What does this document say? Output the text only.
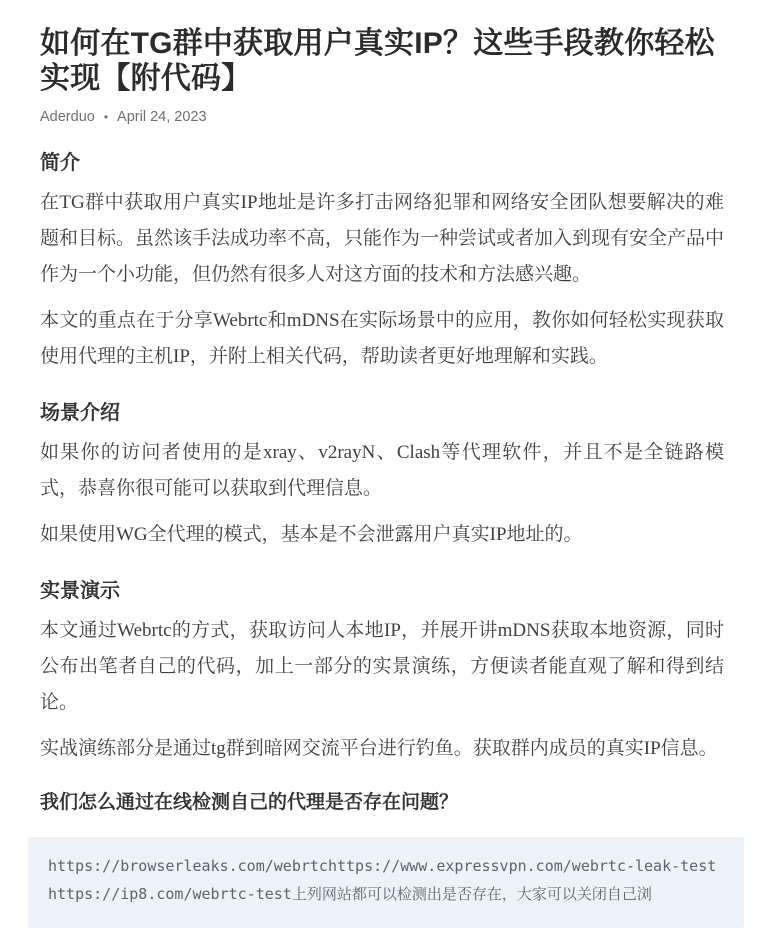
如何在TG群中获取用户真实IP？这些手段教你轻松实现【附代码】
Aderduo • April 24, 2023
简介

在TG群中获取用户真实IP地址是许多打击网络犯罪和网络安全团队想要解决的难题和目标。虽然该手法成功率不高，只能作为一种尝试或者加入到现有安全产品中作为一个小功能，但仍然有很多人对这方面的技术和方法感兴趣。

本文的重点在于分享Webrtc和mDNS在实际场景中的应用，教你如何轻松实现获取使用代理的主机IP，并附上相关代码，帮助读者更好地理解和实践。

场景介绍

如果你的访问者使用的是xray、v2rayN、Clash等代理软件，并且不是全链路模式，恭喜你很可能可以获取到代理信息。

如果使用WG全代理的模式，基本是不会泄露用户真实IP地址的。

实景演示

本文通过Webrtc的方式，获取访问人本地IP，并展开讲mDNS获取本地资源，同时公布出笔者自己的代码，加上一部分的实景演练，方便读者能直观了解和得到结论。

实战演练部分是通过tg群到暗网交流平台进行钓鱼。获取群内成员的真实IP信息。

我们怎么通过在线检测自己的代理是否存在问题？
https://browserleaks.com/webrtchttps://www.expressvpn.com/webrtc-leak-testhttps://ip8.com/webrtc-test上列网站都可以检测出是否存在，大家可以关闭自己浏
